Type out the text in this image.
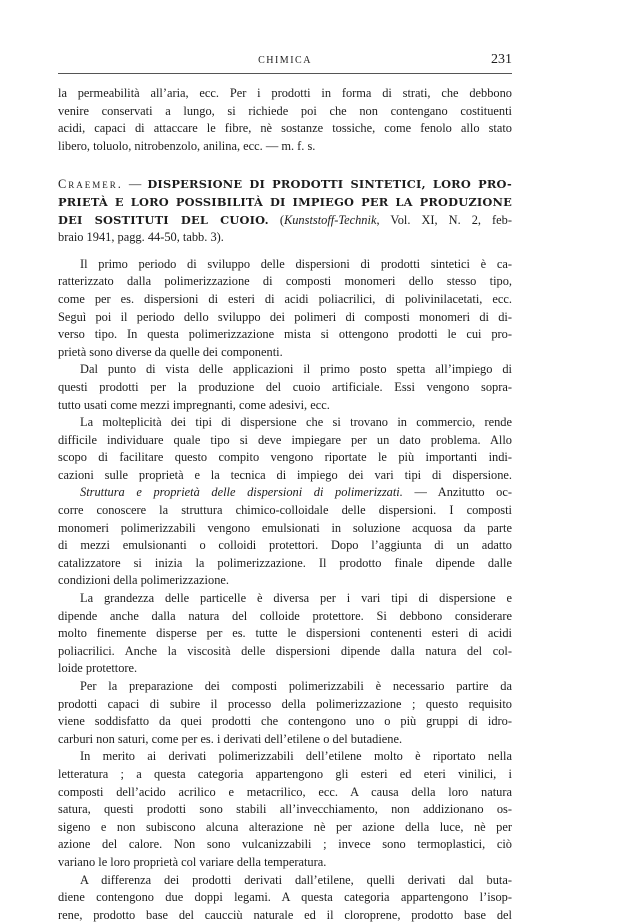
CHIMICA	231

la permeabilità all’aria, ecc. Per i prodotti in forma di strati, che debbono
venire conservati a lungo, si richiede poi che non contengano costituenti
acidi, capaci di attaccare le fibre, nè sostanze tossiche, come fenolo allo stato
libero, toluolo, nitrobenzolo, anilina, ecc. — m. f. s.

Craemer. — DISPERSIONE DI PRODOTTI SINTETICI, LORO PRO-
PRIETÀ E LORO POSSIBILITÀ DI IMPIEGO PER LA PRODUZIONE
DEI SOSTITUTI DEL CUOIO. (Kunststoff-Technik, Vol. XI, N. 2, feb-
braio 1941, pagg. 44-50, tabb. 3).

Il primo periodo di sviluppo delle dispersioni di prodotti sintetici è ca-
ratterizzato dalla polimerizzazione di composti monomeri dello stesso tipo,
come per es. dispersioni di esteri di acidi poliacrilici, di polivinilacetati, ecc.
Seguì poi il periodo dello sviluppo dei polimeri di composti monomeri di di-
verso tipo. In questa polimerizzazione mista si ottengono prodotti le cui pro-
prietà sono diverse da quelle dei componenti.

Dal punto di vista delle applicazioni il primo posto spetta all’impiego di
questi prodotti per la produzione del cuoio artificiale. Essi vengono sopra-
tutto usati come mezzi impregnanti, come adesivi, ecc.

La molteplicità dei tipi di dispersione che si trovano in commercio, rende
difficile individuare quale tipo si deve impiegare per un dato problema. Allo
scopo di facilitare questo compito vengono riportate le più importanti indi-
cazioni sulle proprietà e la tecnica di impiego dei vari tipi di dispersione.

Struttura e proprietà delle dispersioni di polimerizzati. — Anzitutto oc-
corre conoscere la struttura chimico-colloidale delle dispersioni. I composti
monomeri polimerizzabili vengono emulsionati in soluzione acquosa da parte
di mezzi emulsionanti o colloidi protettori. Dopo l’aggiunta di un adatto
catalizzatore si inizia la polimerizzazione. Il prodotto finale dipende dalle
condizioni della polimerizzazione.

La grandezza delle particelle è diversa per i vari tipi di dispersione e
dipende anche dalla natura del colloide protettore. Si debbono considerare
molto finemente disperse per es. tutte le dispersioni contenenti esteri di acidi
poliacrilici. Anche la viscosità delle dispersioni dipende dalla natura del col-
loide protettore.

Per la preparazione dei composti polimerizzabili è necessario partire da
prodotti capaci di subire il processo della polimerizzazione ; questo requisito
viene soddisfatto da quei prodotti che contengono uno o più gruppi di idro-
carburi non saturi, come per es. i derivati dell’etilene o del butadiene.

In merito ai derivati polimerizzabili dell’etilene molto è riportato nella
letteratura ; a questa categoria appartengono gli esteri ed eteri vinilici, i
composti dell’acido acrilico e metacrilico, ecc. A causa della loro natura
satura, questi prodotti sono stabili all’invecchiamento, non addizionano os-
sigeno e non subiscono alcuna alterazione nè per azione della luce, nè per
azione del calore. Non sono vulcanizzabili ; invece sono termoplastici, ciò
variano le loro proprietà col variare della temperatura.

A differenza dei prodotti derivati dall’etilene, quelli derivati dal buta-
diene contengono due doppi legami. A questa categoria appartengono l’isop-
rene, prodotto base del caucciù naturale ed il cloroprene, prodotto base del
